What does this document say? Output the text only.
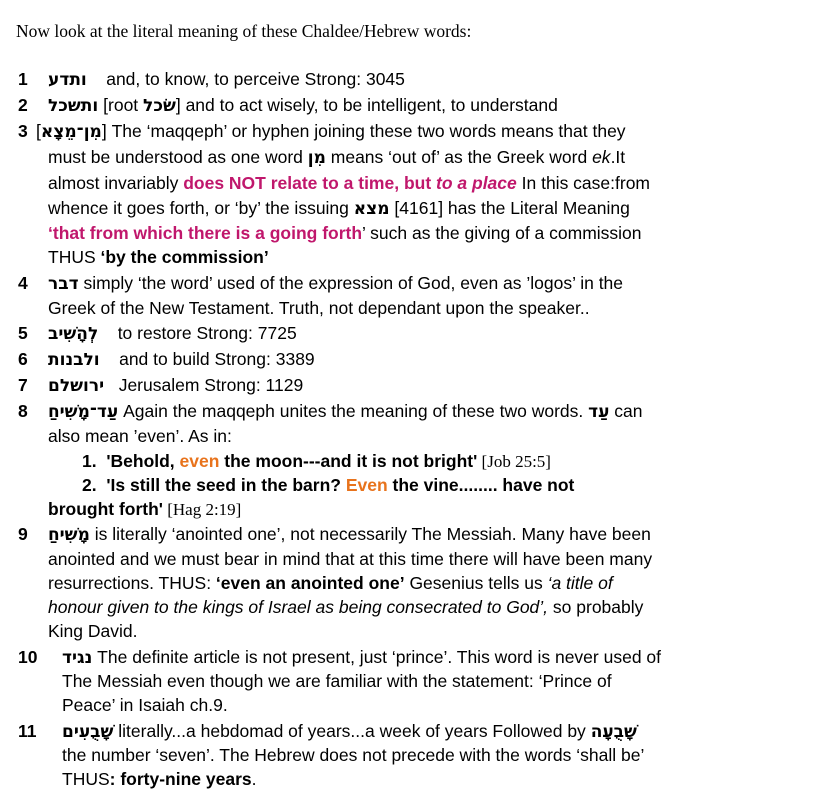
Now look at the literal meaning of these Chaldee/Hebrew words:
1 ותדע and, to know, to perceive Strong: 3045
2 ותשכל [root שׂכל] and to act wisely, to be intelligent, to understand
3 [מִן־מֵצָא] The ‘maqqeph’ or hyphen joining these two words means that they
must be understood as one word מִן means ‘out of’ as the Greek word ek.It
almost invariably does NOT relate to a time, but to a place In this case:from
whence it goes forth, or ‘by’ the issuing מצא [4161] has the Literal Meaning
‘that from which there is a going forth’ such as the giving of a commission
THUS ‘by the commission’
4 דבר simply ‘the word’ used of the expression of God, even as ’logos’ in the
Greek of the New Testament. Truth, not dependant upon the speaker..
5 לְהָשִׁיב to restore Strong: 7725
6 ולבנות and to build Strong: 3389
7 ירושלם Jerusalem Strong: 1129
8 עַד־מָשִׁיחַ Again the maqqeph unites the meaning of these two words. עַד can
also mean ’even’. As in:
1. 'Behold, even the moon---and it is not bright' [Job 25:5]
2. 'Is still the seed in the barn? Even the vine........ have not
brought forth' [Hag 2:19]
9 מָשִׁיחַ is literally ‘anointed one’, not necessarily The Messiah. Many have been
anointed and we must bear in mind that at this time there will have been many
resurrections. THUS: ‘even an anointed one’ Gesenius tells us ‘a title of
honour given to the kings of Israel as being consecrated to God’, so probably
King David.
10 נגיד The definite article is not present, just ‘prince’. This word is never used of
The Messiah even though we are familiar with the statement: ‘Prince of
Peace’ in Isaiah ch.9.
11 שָׁבֻעִים literally...a hebdomad of years...a week of years Followed by שָׁבֻעָה
the number ‘seven’. The Hebrew does not precede with the words ‘shall be’
THUS: forty-nine years.
